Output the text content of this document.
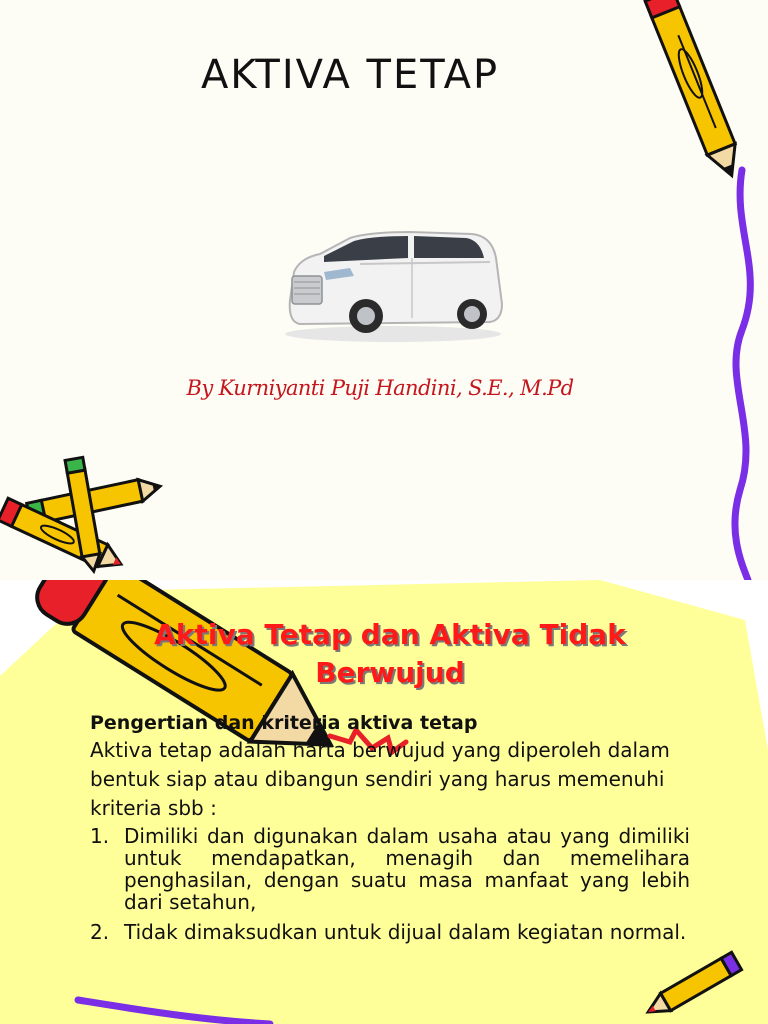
AKTIVA TETAP
By Kurniyanti Puji Handini, S.E., M.Pd
Aktiva Tetap dan Aktiva Tidak Berwujud
Pengertian dan kriteria aktiva tetap
Aktiva tetap adalah harta berwujud yang diperoleh dalam bentuk siap atau dibangun sendiri yang harus memenuhi kriteria sbb :
1. Dimiliki dan digunakan dalam usaha atau yang dimiliki untuk mendapatkan, menagih dan memelihara penghasilan, dengan suatu masa manfaat yang lebih dari setahun,
2. Tidak dimaksudkan untuk dijual dalam kegiatan normal.
